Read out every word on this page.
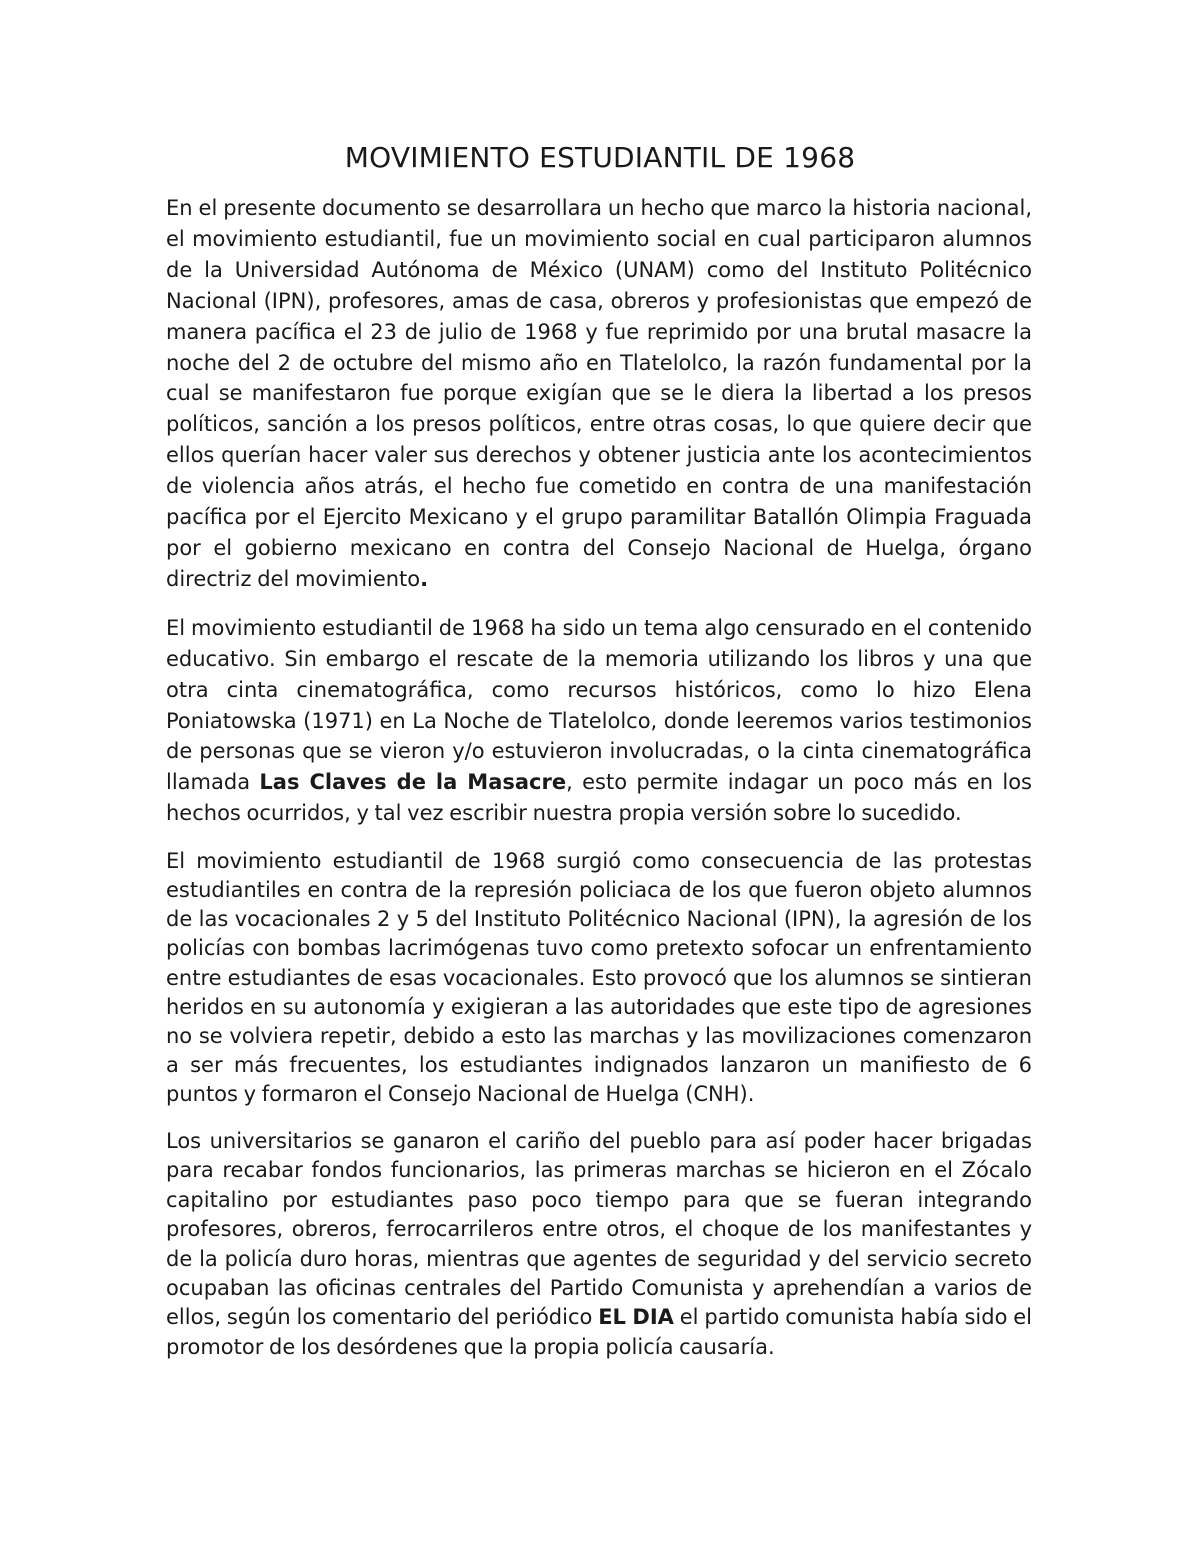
MOVIMIENTO ESTUDIANTIL DE 1968

En el presente documento se desarrollara un hecho que marco la historia nacional, el movimiento estudiantil, fue un movimiento social en cual participaron alumnos de la Universidad Autónoma de México (UNAM) como del Instituto Politécnico Nacional (IPN), profesores, amas de casa, obreros y profesionistas que empezó de manera pacífica el 23 de julio de 1968 y fue reprimido por una brutal masacre la noche del 2 de octubre del mismo año en Tlatelolco, la razón fundamental por la cual se manifestaron fue porque exigían que se le diera la libertad a los presos políticos, sanción a los presos políticos, entre otras cosas, lo que quiere decir que ellos querían hacer valer sus derechos y obtener justicia ante los acontecimientos de violencia años atrás, el hecho fue cometido en contra de una manifestación pacífica por el Ejercito Mexicano y el grupo paramilitar Batallón Olimpia Fraguada por el gobierno mexicano en contra del Consejo Nacional de Huelga, órgano directriz del movimiento.

El movimiento estudiantil de 1968 ha sido un tema algo censurado en el contenido educativo. Sin embargo el rescate de la memoria utilizando los libros y una que otra cinta cinematográfica, como recursos históricos, como lo hizo Elena Poniatowska (1971) en La Noche de Tlatelolco, donde leeremos varios testimonios de personas que se vieron y/o estuvieron involucradas, o la cinta cinematográfica llamada Las Claves de la Masacre, esto permite indagar un poco más en los hechos ocurridos, y tal vez escribir nuestra propia versión sobre lo sucedido.

El movimiento estudiantil de 1968 surgió como consecuencia de las protestas estudiantiles en contra de la represión policiaca de los que fueron objeto alumnos de las vocacionales 2 y 5 del Instituto Politécnico Nacional (IPN), la agresión de los policías con bombas lacrimógenas tuvo como pretexto sofocar un enfrentamiento entre estudiantes de esas vocacionales. Esto provocó que los alumnos se sintieran heridos en su autonomía y exigieran a las autoridades que este tipo de agresiones no se volviera repetir, debido a esto las marchas y las movilizaciones comenzaron a ser más frecuentes, los estudiantes indignados lanzaron un manifiesto de 6 puntos y formaron el Consejo Nacional de Huelga (CNH).

Los universitarios se ganaron el cariño del pueblo para así poder hacer brigadas para recabar fondos funcionarios, las primeras marchas se hicieron en el Zócalo capitalino por estudiantes paso poco tiempo para que se fueran integrando profesores, obreros, ferrocarrileros entre otros, el choque de los manifestantes y de la policía duro horas, mientras que agentes de seguridad y del servicio secreto ocupaban las oficinas centrales del Partido Comunista y aprehendían a varios de ellos, según los comentario del periódico EL DIA el partido comunista había sido el promotor de los desórdenes que la propia policía causaría.
